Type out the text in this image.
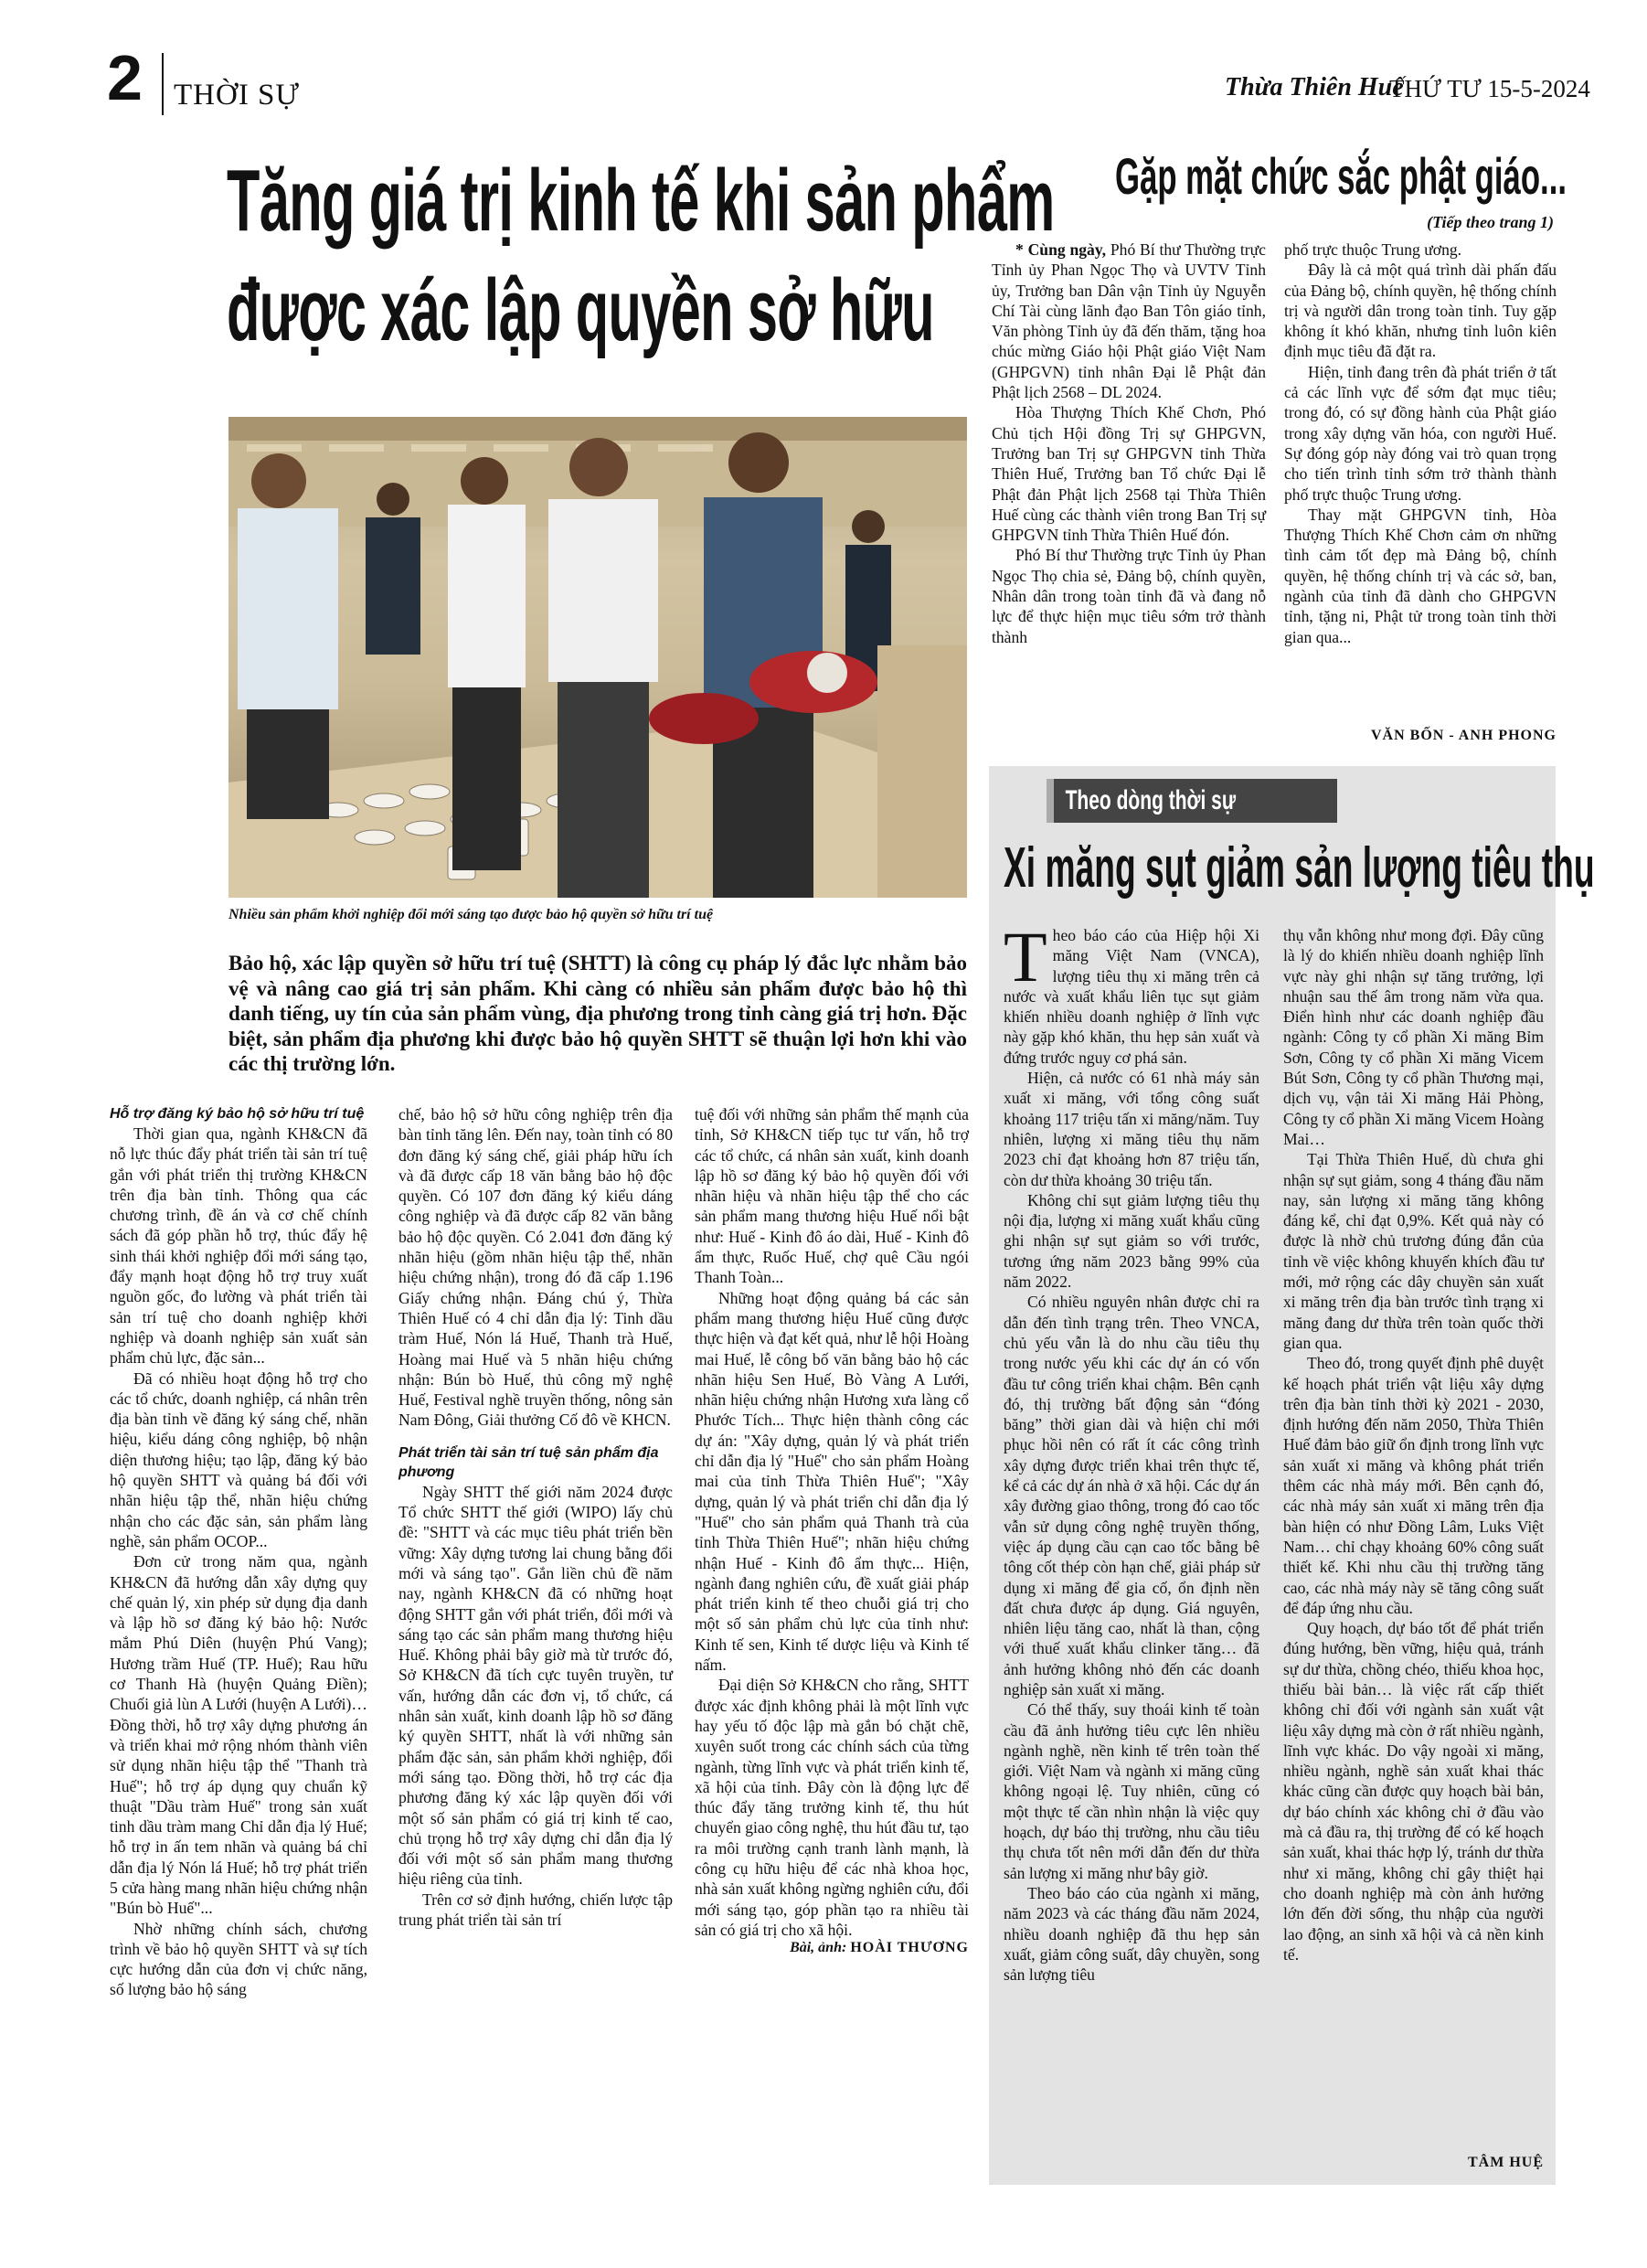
2 THỜI SỰ	Thừa Thiên Huế
THỨ TƯ 15-5-2024
Tăng giá trị kinh tế khi sản phẩm
được xác lập quyền sở hữu
Nhiều sản phẩm khởi nghiệp đổi mới sáng tạo được bảo hộ quyền sở hữu trí tuệ
Bảo hộ, xác lập quyền sở hữu trí tuệ (SHTT) là công cụ pháp lý đắc lực nhằm bảo vệ và nâng cao giá trị sản phẩm. Khi càng có nhiều sản phẩm được bảo hộ thì danh tiếng, uy tín của sản phẩm vùng, địa phương trong tỉnh càng giá trị hơn. Đặc biệt, sản phẩm địa phương khi được bảo hộ quyền SHTT sẽ thuận lợi hơn khi vào các thị trường lớn.

Hỗ trợ đăng ký bảo hộ sở hữu trí tuệ

Thời gian qua, ngành KH&CN đã nỗ lực thúc đẩy phát triển tài sản trí tuệ gắn với phát triển thị trường KH&CN trên địa bàn tỉnh. Thông qua các chương trình, đề án và cơ chế chính sách đã góp phần hỗ trợ, thúc đẩy hệ sinh thái khởi nghiệp đổi mới sáng tạo, đẩy mạnh hoạt động hỗ trợ truy xuất nguồn gốc, đo lường và phát triển tài sản trí tuệ cho doanh nghiệp khởi nghiệp và doanh nghiệp sản xuất sản phẩm chủ lực, đặc sản...

Đã có nhiều hoạt động hỗ trợ cho các tổ chức, doanh nghiệp, cá nhân trên địa bàn tỉnh về đăng ký sáng chế, nhãn hiệu, kiểu dáng công nghiệp, bộ nhận diện thương hiệu; tạo lập, đăng ký bảo hộ quyền SHTT và quảng bá đối với nhãn hiệu tập thể, nhãn hiệu chứng nhận cho các đặc sản, sản phẩm làng nghề, sản phẩm OCOP...

Đơn cử trong năm qua, ngành KH&CN đã hướng dẫn xây dựng quy chế quản lý, xin phép sử dụng địa danh và lập hồ sơ đăng ký bảo hộ: Nước mắm Phú Diên (huyện Phú Vang); Hương trầm Huế (TP. Huế); Rau hữu cơ Thanh Hà (huyện Quảng Điền); Chuối giả lùn A Lưới (huyện A Lưới)… Đồng thời, hỗ trợ xây dựng phương án và triển khai mở rộng nhóm thành viên sử dụng nhãn hiệu tập thể "Thanh trà Huế"; hỗ trợ áp dụng quy chuẩn kỹ thuật "Dầu tràm Huế" trong sản xuất tinh dầu tràm mang Chỉ dẫn địa lý Huế; hỗ trợ in ấn tem nhãn và quảng bá chỉ dẫn địa lý Nón lá Huế; hỗ trợ phát triển 5 cửa hàng mang nhãn hiệu chứng nhận "Bún bò Huế"...

Nhờ những chính sách, chương trình về bảo hộ quyền SHTT và sự tích cực hướng dẫn của đơn vị chức năng, số lượng bảo hộ sáng

chế, bảo hộ sở hữu công nghiệp trên địa bàn tỉnh tăng lên. Đến nay, toàn tỉnh có 80 đơn đăng ký sáng chế, giải pháp hữu ích và đã được cấp 18 văn bằng bảo hộ độc quyền. Có 107 đơn đăng ký kiểu dáng công nghiệp và đã được cấp 82 văn bằng bảo hộ độc quyền. Có 2.041 đơn đăng ký nhãn hiệu (gồm nhãn hiệu tập thể, nhãn hiệu chứng nhận), trong đó đã cấp 1.196 Giấy chứng nhận. Đáng chú ý, Thừa Thiên Huế có 4 chỉ dẫn địa lý: Tinh dầu tràm Huế, Nón lá Huế, Thanh trà Huế, Hoàng mai Huế và 5 nhãn hiệu chứng nhận: Bún bò Huế, thủ công mỹ nghệ Huế, Festival nghề truyền thống, nông sản Nam Đông, Giải thưởng Cố đô về KHCN.

Phát triển tài sản trí tuệ sản phẩm địa phương

Ngày SHTT thế giới năm 2024 được Tổ chức SHTT thế giới (WIPO) lấy chủ đề: "SHTT và các mục tiêu phát triển bền vững: Xây dựng tương lai chung bằng đổi mới và sáng tạo". Gắn liền chủ đề năm nay, ngành KH&CN đã có những hoạt động SHTT gắn với phát triển, đổi mới và sáng tạo các sản phẩm mang thương hiệu Huế. Không phải bây giờ mà từ trước đó, Sở KH&CN đã tích cực tuyên truyền, tư vấn, hướng dẫn các đơn vị, tổ chức, cá nhân sản xuất, kinh doanh lập hồ sơ đăng ký quyền SHTT, nhất là với những sản phẩm đặc sản, sản phẩm khởi nghiệp, đổi mới sáng tạo. Đồng thời, hỗ trợ các địa phương đăng ký xác lập quyền đối với một số sản phẩm có giá trị kinh tế cao, chủ trọng hỗ trợ xây dựng chỉ dẫn địa lý đối với một số sản phẩm mang thương hiệu riêng của tỉnh.

Trên cơ sở định hướng, chiến lược tập trung phát triển tài sản trí

tuệ đối với những sản phẩm thế mạnh của tỉnh, Sở KH&CN tiếp tục tư vấn, hỗ trợ các tổ chức, cá nhân sản xuất, kinh doanh lập hồ sơ đăng ký bảo hộ quyền đối với nhãn hiệu và nhãn hiệu tập thể cho các sản phẩm mang thương hiệu Huế nổi bật như: Huế - Kinh đô áo dài, Huế - Kinh đô ẩm thực, Ruốc Huế, chợ quê Cầu ngói Thanh Toàn...

Những hoạt động quảng bá các sản phẩm mang thương hiệu Huế cũng được thực hiện và đạt kết quả, như lễ hội Hoàng mai Huế, lễ công bố văn bằng bảo hộ các nhãn hiệu Sen Huế, Bò Vàng A Lưới, nhãn hiệu chứng nhận Hương xưa làng cổ Phước Tích... Thực hiện thành công các dự án: "Xây dựng, quản lý và phát triển chỉ dẫn địa lý "Huế" cho sản phẩm Hoàng mai của tỉnh Thừa Thiên Huế"; "Xây dựng, quản lý và phát triển chỉ dẫn địa lý "Huế" cho sản phẩm quả Thanh trà của tỉnh Thừa Thiên Huế"; nhãn hiệu chứng nhận Huế - Kinh đô ẩm thực... Hiện, ngành đang nghiên cứu, đề xuất giải pháp phát triển kinh tế theo chuỗi giá trị cho một số sản phẩm chủ lực của tỉnh như: Kinh tế sen, Kinh tế dược liệu và Kinh tế nấm.

Đại diện Sở KH&CN cho rằng, SHTT được xác định không phải là một lĩnh vực hay yếu tố độc lập mà gắn bó chặt chẽ, xuyên suốt trong các chính sách của từng ngành, từng lĩnh vực và phát triển kinh tế, xã hội của tỉnh. Đây còn là động lực để thúc đẩy tăng trưởng kinh tế, thu hút chuyển giao công nghệ, thu hút đầu tư, tạo ra môi trường cạnh tranh lành mạnh, là công cụ hữu hiệu để các nhà khoa học, nhà sản xuất không ngừng nghiên cứu, đổi mới sáng tạo, góp phần tạo ra nhiều tài sản có giá trị cho xã hội.

Bài, ảnh: HOÀI THƯƠNG
Gặp mặt chức sắc phật giáo...
(Tiếp theo trang 1)

* Cùng ngày, Phó Bí thư Thường trực Tỉnh ủy Phan Ngọc Thọ và UVTV Tỉnh ủy, Trưởng ban Dân vận Tỉnh ủy Nguyễn Chí Tài cùng lãnh đạo Ban Tôn giáo tỉnh, Văn phòng Tỉnh ủy đã đến thăm, tặng hoa chúc mừng Giáo hội Phật giáo Việt Nam (GHPGVN) tỉnh nhân Đại lễ Phật đản Phật lịch 2568 – DL 2024.

Hòa Thượng Thích Khế Chơn, Phó Chủ tịch Hội đồng Trị sự GHPGVN, Trưởng ban Trị sự GHPGVN tỉnh Thừa Thiên Huế, Trưởng ban Tổ chức Đại lễ Phật đản Phật lịch 2568 tại Thừa Thiên Huế cùng các thành viên trong Ban Trị sự GHPGVN tỉnh Thừa Thiên Huế đón.

Phó Bí thư Thường trực Tỉnh ủy Phan Ngọc Thọ chia sẻ, Đảng bộ, chính quyền, Nhân dân trong toàn tỉnh đã và đang nỗ lực để thực hiện mục tiêu sớm trở thành thành

phố trực thuộc Trung ương.

Đây là cả một quá trình dài phấn đấu của Đảng bộ, chính quyền, hệ thống chính trị và người dân trong toàn tỉnh. Tuy gặp không ít khó khăn, nhưng tỉnh luôn kiên định mục tiêu đã đặt ra.

Hiện, tỉnh đang trên đà phát triển ở tất cả các lĩnh vực để sớm đạt mục tiêu; trong đó, có sự đồng hành của Phật giáo trong xây dựng văn hóa, con người Huế. Sự đóng góp này đóng vai trò quan trọng cho tiến trình tỉnh sớm trở thành thành phố trực thuộc Trung ương.

Thay mặt GHPGVN tỉnh, Hòa Thượng Thích Khế Chơn cảm ơn những tình cảm tốt đẹp mà Đảng bộ, chính quyền, hệ thống chính trị và các sở, ban, ngành của tỉnh đã dành cho GHPGVN tỉnh, tặng ni, Phật tử trong toàn tỉnh thời gian qua...

VĂN BỐN - ANH PHONG
Theo dòng thời sự
Xi măng sụt giảm sản lượng tiêu thụ

Theo báo cáo của Hiệp hội Xi măng Việt Nam (VNCA), lượng tiêu thụ xi măng trên cả nước và xuất khẩu liên tục sụt giảm khiến nhiều doanh nghiệp ở lĩnh vực này gặp khó khăn, thu hẹp sản xuất và đứng trước nguy cơ phá sản.

Hiện, cả nước có 61 nhà máy sản xuất xi măng, với tổng công suất khoảng 117 triệu tấn xi măng/năm. Tuy nhiên, lượng xi măng tiêu thụ năm 2023 chỉ đạt khoảng hơn 87 triệu tấn, còn dư thừa khoảng 30 triệu tấn.

Không chỉ sụt giảm lượng tiêu thụ nội địa, lượng xi măng xuất khẩu cũng ghi nhận sự sụt giảm so với trước, tương ứng năm 2023 bằng 99% của năm 2022.

Có nhiều nguyên nhân được chỉ ra dẫn đến tình trạng trên. Theo VNCA, chủ yếu vẫn là do nhu cầu tiêu thụ trong nước yếu khi các dự án có vốn đầu tư công triển khai chậm. Bên cạnh đó, thị trường bất động sản “đóng băng” thời gian dài và hiện chỉ mới phục hồi nên có rất ít các công trình xây dựng được triển khai trên thực tế, kể cả các dự án nhà ở xã hội. Các dự án xây đường giao thông, trong đó cao tốc vẫn sử dụng công nghệ truyền thống, việc áp dụng cầu cạn cao tốc bằng bê tông cốt thép còn hạn chế, giải pháp sử dụng xi măng để gia cố, ổn định nền đất chưa được áp dụng. Giá nguyên, nhiên liệu tăng cao, nhất là than, cộng với thuế xuất khẩu clinker tăng… đã ảnh hưởng không nhỏ đến các doanh nghiệp sản xuất xi măng.

Có thể thấy, suy thoái kinh tế toàn cầu đã ảnh hưởng tiêu cực lên nhiều ngành nghề, nền kinh tế trên toàn thế giới. Việt Nam và ngành xi măng cũng không ngoại lệ. Tuy nhiên, cũng có một thực tế cần nhìn nhận là việc quy hoạch, dự báo thị trường, nhu cầu tiêu thụ chưa tốt nên mới dẫn đến dư thừa sản lượng xi măng như bây giờ.

Theo báo cáo của ngành xi măng, năm 2023 và các tháng đầu năm 2024, nhiều doanh nghiệp đã thu hẹp sản xuất, giảm công suất, dây chuyền, song sản lượng tiêu

thụ vẫn không như mong đợi. Đây cũng là lý do khiến nhiều doanh nghiệp lĩnh vực này ghi nhận sự tăng trưởng, lợi nhuận sau thế âm trong năm vừa qua. Điển hình như các doanh nghiệp đầu ngành: Công ty cổ phần Xi măng Bỉm Sơn, Công ty cổ phần Xi măng Vicem Bút Sơn, Công ty cổ phần Thương mại, dịch vụ, vận tải Xi măng Hải Phòng, Công ty cổ phần Xi măng Vicem Hoàng Mai…

Tại Thừa Thiên Huế, dù chưa ghi nhận sự sụt giảm, song 4 tháng đầu năm nay, sản lượng xi măng tăng không đáng kể, chỉ đạt 0,9%. Kết quả này có được là nhờ chủ trương đúng đắn của tỉnh về việc không khuyến khích đầu tư mới, mở rộng các dây chuyền sản xuất xi măng trên địa bàn trước tình trạng xi măng đang dư thừa trên toàn quốc thời gian qua.

Theo đó, trong quyết định phê duyệt kế hoạch phát triển vật liệu xây dựng trên địa bàn tỉnh thời kỳ 2021 - 2030, định hướng đến năm 2050, Thừa Thiên Huế đảm bảo giữ ổn định trong lĩnh vực sản xuất xi măng và không phát triển thêm các nhà máy mới. Bên cạnh đó, các nhà máy sản xuất xi măng trên địa bàn hiện có như Đồng Lâm, Luks Việt Nam… chỉ chạy khoảng 60% công suất thiết kế. Khi nhu cầu thị trường tăng cao, các nhà máy này sẽ tăng công suất để đáp ứng nhu cầu.

Quy hoạch, dự báo tốt để phát triển đúng hướng, bền vững, hiệu quả, tránh sự dư thừa, chồng chéo, thiếu khoa học, thiếu bài bản… là việc rất cấp thiết không chỉ đối với ngành sản xuất vật liệu xây dựng mà còn ở rất nhiều ngành, lĩnh vực khác. Do vậy ngoài xi măng, nhiều ngành, nghề sản xuất khai thác khác cũng cần được quy hoạch bài bản, dự báo chính xác không chỉ ở đầu vào mà cả đầu ra, thị trường để có kế hoạch sản xuất, khai thác hợp lý, tránh dư thừa như xi măng, không chỉ gây thiệt hại cho doanh nghiệp mà còn ảnh hưởng lớn đến đời sống, thu nhập của người lao động, an sinh xã hội và cả nền kinh tế.

TÂM HUỆ
